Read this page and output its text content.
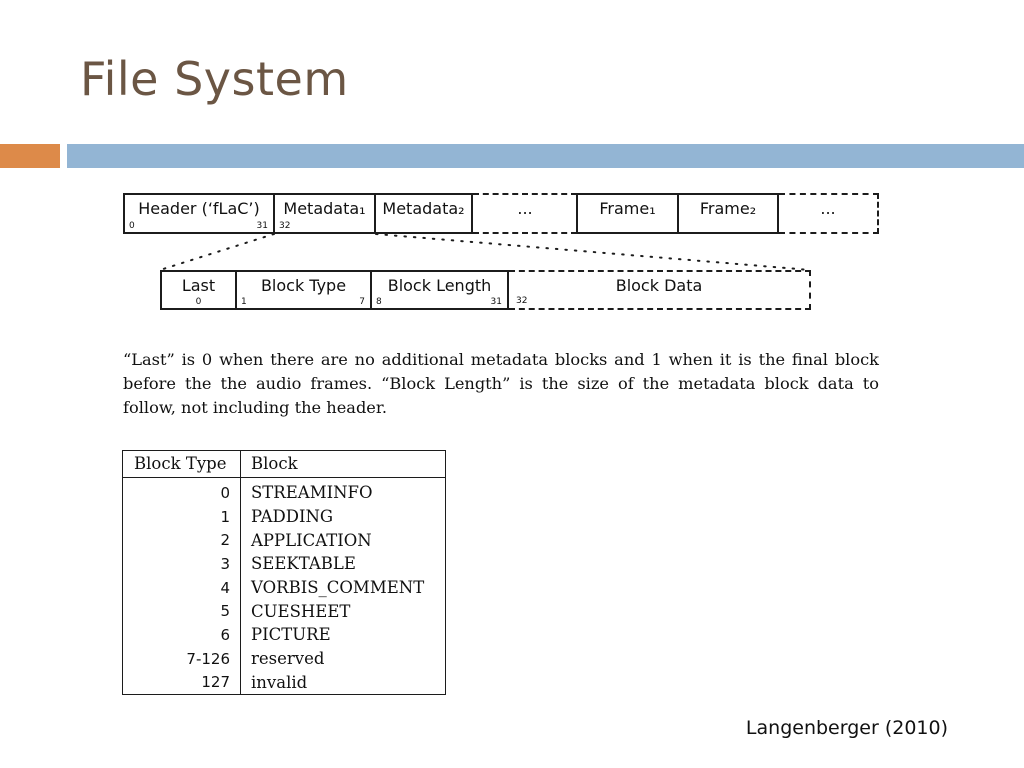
File System
Header (‘fLaC’)
0	31
Metadata₁
32
Metadata₂	...	Frame₁	Frame₂	...
Last
0
Block Type
1	7
Block Length
8	31
Block Data
32
“Last” is 0 when there are no additional metadata blocks and 1 when it is the final block before the the audio frames. “Block Length” is the size of the metadata block data to follow, not including the header.
Block Type	Block
0	STREAMINFO
1	PADDING
2	APPLICATION
3	SEEKTABLE
4	VORBIS_COMMENT
5	CUESHEET
6	PICTURE
7-126	reserved
127	invalid
Langenberger (2010)
